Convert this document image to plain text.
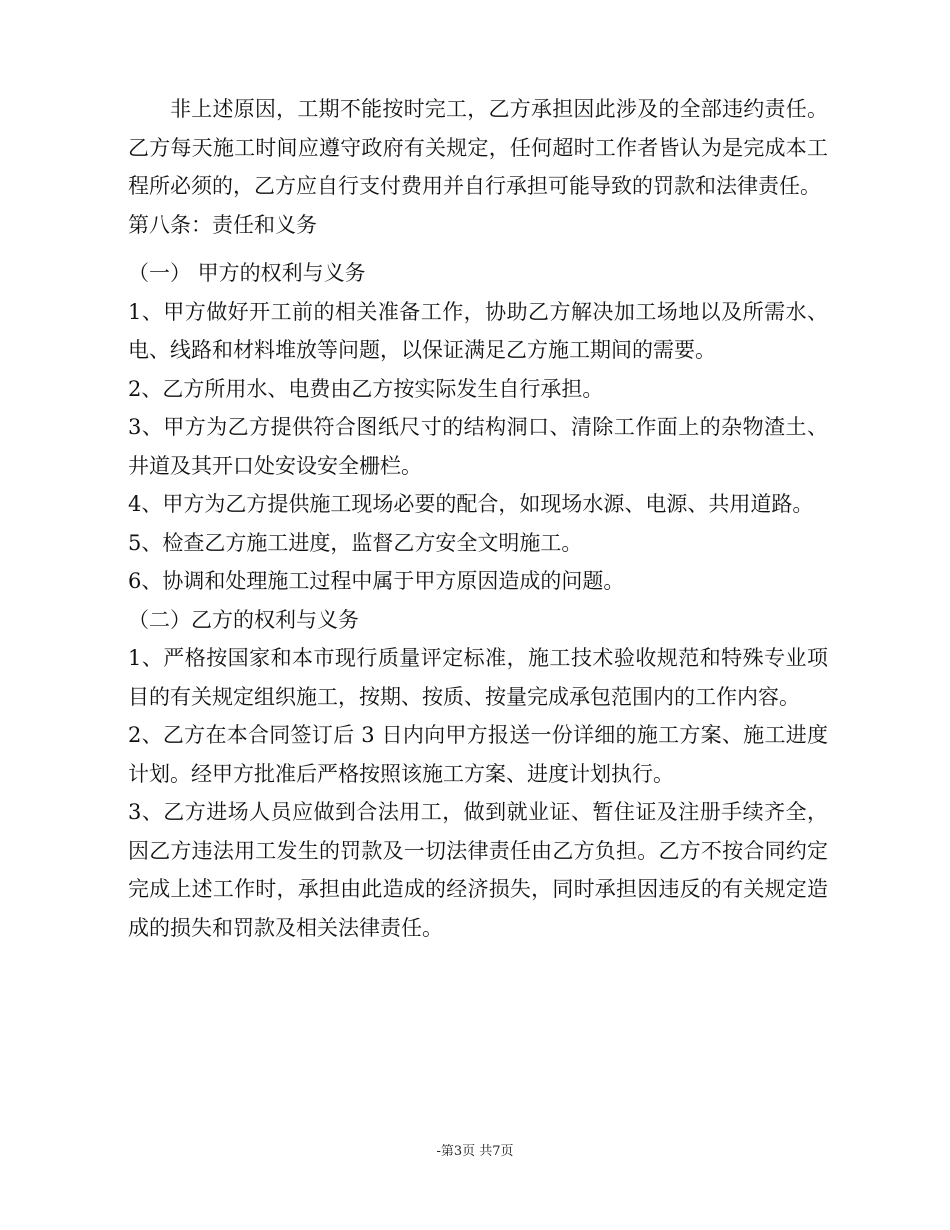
非上述原因，工期不能按时完工，乙方承担因此涉及的全部违约责任。乙方每天施工时间应遵守政府有关规定，任何超时工作者皆认为是完成本工程所必须的，乙方应自行支付费用并自行承担可能导致的罚款和法律责任。

第八条：责任和义务

（一） 甲方的权利与义务

1、甲方做好开工前的相关准备工作，协助乙方解决加工场地以及所需水、电、线路和材料堆放等问题，以保证满足乙方施工期间的需要。

2、乙方所用水、电费由乙方按实际发生自行承担。

3、甲方为乙方提供符合图纸尺寸的结构洞口、清除工作面上的杂物渣土、井道及其开口处安设安全栅栏。

4、甲方为乙方提供施工现场必要的配合，如现场水源、电源、共用道路。

5、检查乙方施工进度，监督乙方安全文明施工。

6、协调和处理施工过程中属于甲方原因造成的问题。

（二）乙方的权利与义务

1、严格按国家和本市现行质量评定标准，施工技术验收规范和特殊专业项目的有关规定组织施工，按期、按质、按量完成承包范围内的工作内容。

2、乙方在本合同签订后 3 日内向甲方报送一份详细的施工方案、施工进度计划。经甲方批准后严格按照该施工方案、进度计划执行。

3、乙方进场人员应做到合法用工，做到就业证、暂住证及注册手续齐全，因乙方违法用工发生的罚款及一切法律责任由乙方负担。乙方不按合同约定完成上述工作时，承担由此造成的经济损失，同时承担因违反的有关规定造成的损失和罚款及相关法律责任。

-第3页 共7页
